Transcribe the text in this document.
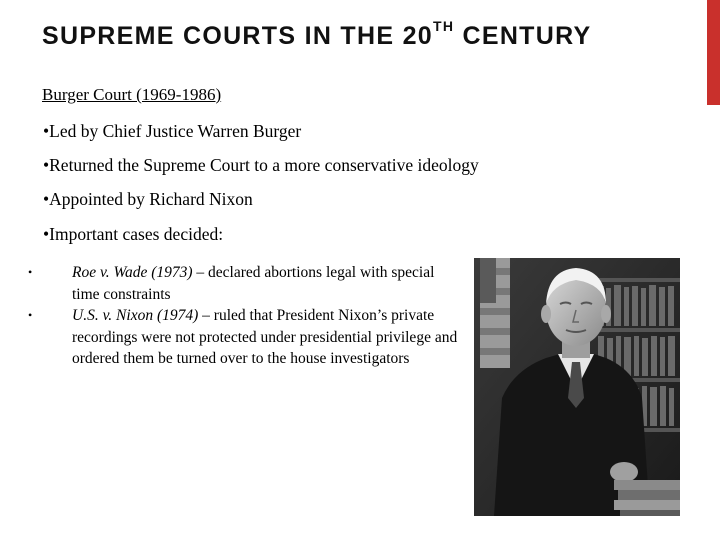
SUPREME COURTS IN THE 20TH CENTURY
Burger Court (1969-1986)
•Led by Chief Justice Warren Burger
•Returned the Supreme Court to a more conservative ideology
•Appointed by Richard Nixon
•Important cases decided:
•	Roe v. Wade (1973) – declared abortions legal with special time constraints
•	U.S. v. Nixon (1974) – ruled that President Nixon’s private recordings were not protected under presidential privilege and ordered them be turned over to the house investigators
